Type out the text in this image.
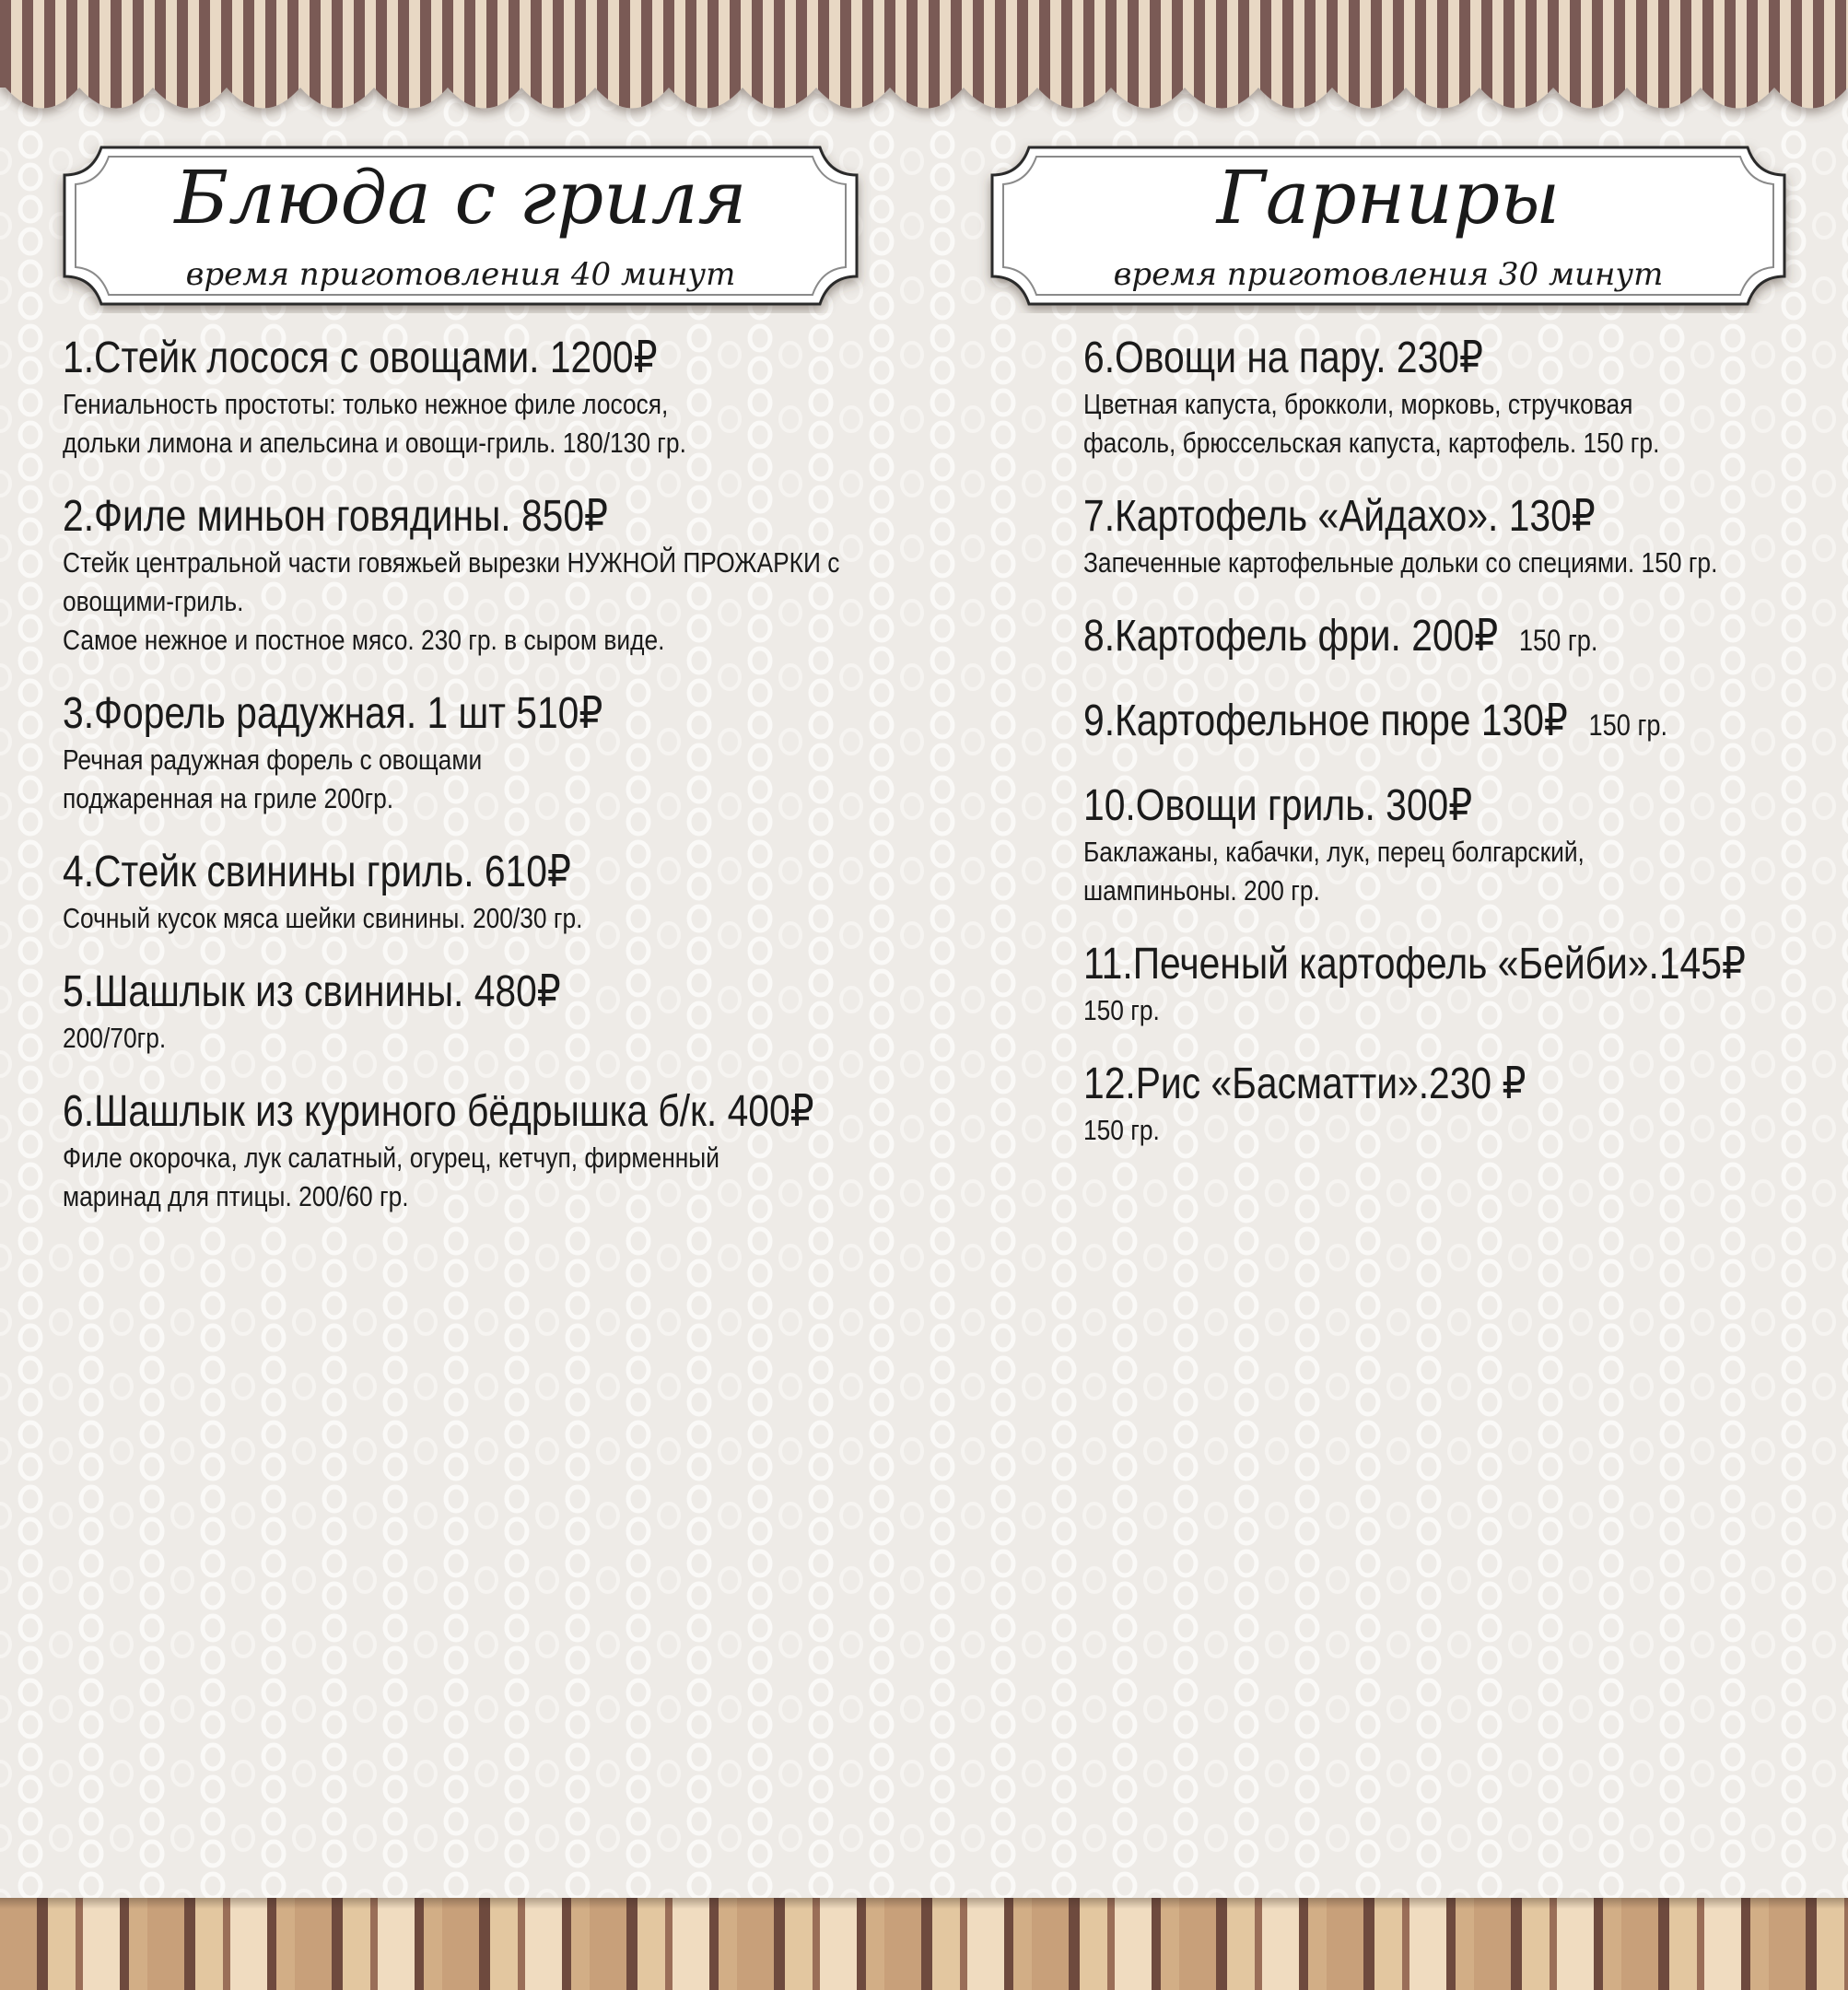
Блюда с гриля
время приготовления 40 минут
Гарниры
время приготовления 30 минут
1.Стейк лосося с овощами. 1200₽
Гениальность простоты: только нежное филе лосося,
дольки лимона и апельсина и овощи-гриль. 180/130 гр.
2.Филе миньон говядины. 850₽
Стейк центральной части говяжьей вырезки НУЖНОЙ ПРОЖАРКИ с
овощими-гриль.
Самое нежное и постное мясо. 230 гр. в сыром виде.
3.Форель радужная. 1 шт 510₽
Речная радужная форель с овощами
поджаренная на гриле 200гр.
4.Стейк свинины гриль. 610₽
Сочный кусок мяса шейки свинины. 200/30 гр.
5.Шашлык из свинины. 480₽
200/70гр.
6.Шашлык из куриного бёдрышка б/к. 400₽
Филе окорочка, лук салатный, огурец, кетчуп, фирменный
маринад для птицы. 200/60 гр.
6.Овощи на пару. 230₽
Цветная капуста, брокколи, морковь, стручковая
фасоль, брюссельская капуста, картофель. 150 гр.
7.Картофель «Айдахо». 130₽
Запеченные картофельные дольки со специями. 150 гр.
8.Картофель фри. 200₽ 150 гр.
9.Картофельное пюре 130₽ 150 гр.
10.Овощи гриль. 300₽
Баклажаны, кабачки, лук, перец болгарский,
шампиньоны. 200 гр.
11.Печеный картофель «Бейби».145₽
150 гр.
12.Рис «Басматти».230 ₽
150 гр.
